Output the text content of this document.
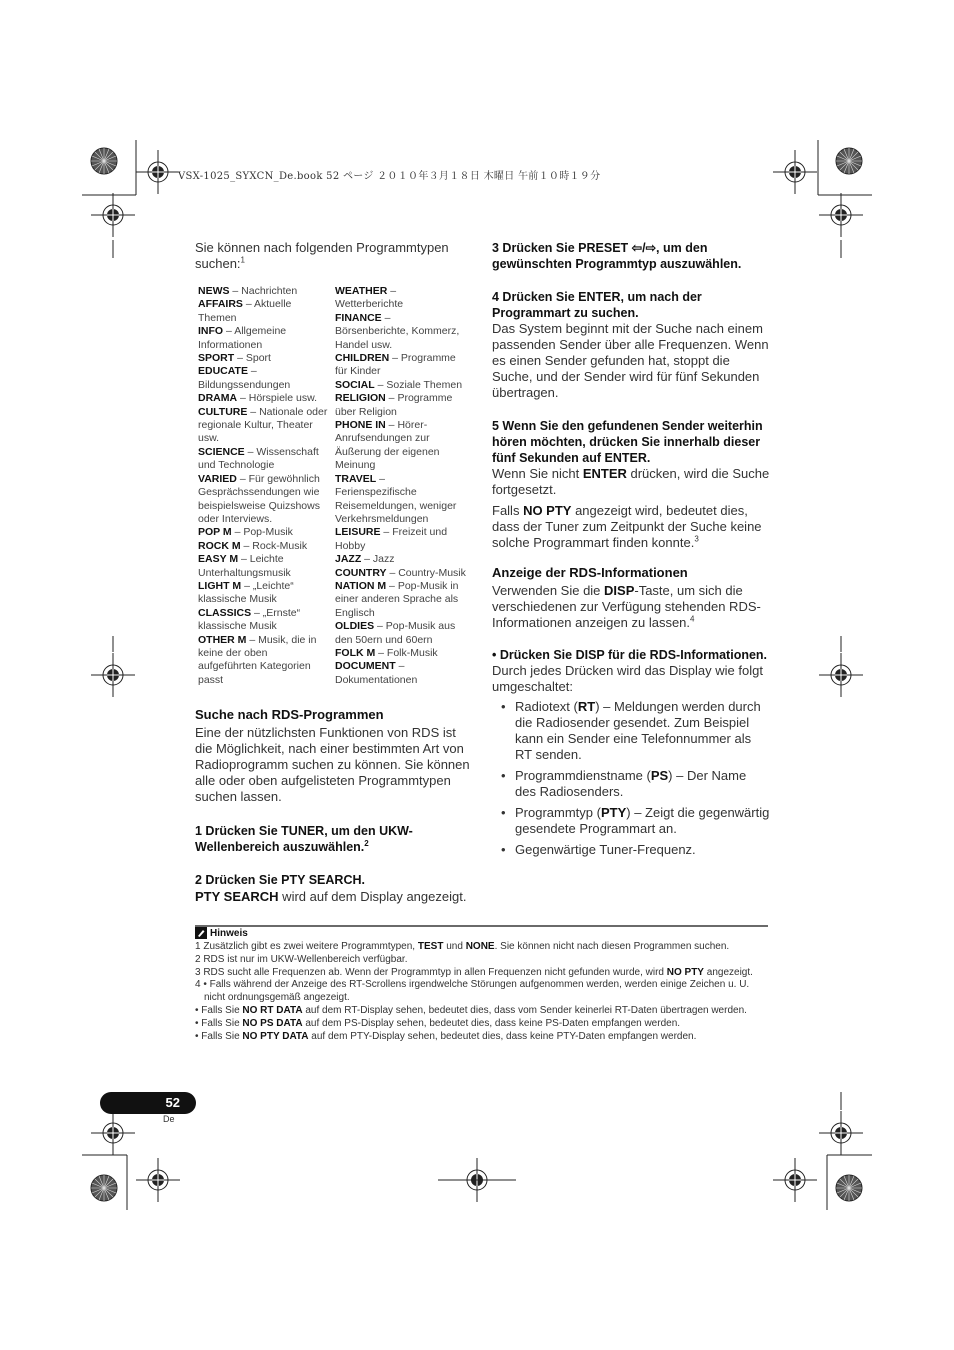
VSX-1025_SYXCN_De.book 52 ページ ２０１０年３月１８日 木曜日 午前１０時１９分

Sie können nach folgenden Programmtypen suchen:$^1$

NEWS – Nachrichten
AFFAIRS – Aktuelle Themen
INFO – Allgemeine Informationen
SPORT – Sport
EDUCATE – Bildungssendungen
DRAMA – Hörspiele usw.
CULTURE – Nationale oder regionale Kultur, Theater usw.
SCIENCE – Wissenschaft und Technologie
VARIED – Für gewöhnlich Gesprächssendungen wie beispielsweise Quizshows oder Interviews.
POP M – Pop-Musik
ROCK M – Rock-Musik
EASY M – Leichte Unterhaltungsmusik
LIGHT M – „Leichte“ klassische Musik
CLASSICS – „Ernste“ klassische Musik
OTHER M – Musik, die in keine der oben aufgeführten Kategorien passt
WEATHER – Wetterberichte
FINANCE – Börsenberichte, Kommerz, Handel usw.
CHILDREN – Programme für Kinder
SOCIAL – Soziale Themen
RELIGION – Programme über Religion
PHONE IN – Hörer-Anrufsendungen zur Äußerung der eigenen Meinung
TRAVEL – Ferienspezifische Reisemeldungen, weniger Verkehrsmeldungen
LEISURE – Freizeit und Hobby
JAZZ – Jazz
COUNTRY – Country-Musik
NATION M – Pop-Musik in einer anderen Sprache als Englisch
OLDIES – Pop-Musik aus den 50ern und 60ern
FOLK M – Folk-Musik
DOCUMENT – Dokumentationen

Suche nach RDS-Programmen

Eine der nützlichsten Funktionen von RDS ist die Möglichkeit, nach einer bestimmten Art von Radioprogramm suchen zu können. Sie können alle oder oben aufgelisteten Programmtypen suchen lassen.

1 Drücken Sie TUNER, um den UKW-Wellenbereich auszuwählen.$^2$

2 Drücken Sie PTY SEARCH.

PTY SEARCH wird auf dem Display angezeigt.

3 Drücken Sie PRESET ⇦/⇨, um den gewünschten Programmtyp auszuwählen.

4 Drücken Sie ENTER, um nach der Programmart zu suchen.

Das System beginnt mit der Suche nach einem passenden Sender über alle Frequenzen. Wenn es einen Sender gefunden hat, stoppt die Suche, und der Sender wird für fünf Sekunden übertragen.

5 Wenn Sie den gefundenen Sender weiterhin hören möchten, drücken Sie innerhalb dieser fünf Sekunden auf ENTER.

Wenn Sie nicht ENTER drücken, wird die Suche fortgesetzt.

Falls NO PTY angezeigt wird, bedeutet dies, dass der Tuner zum Zeitpunkt der Suche keine solche Programmart finden konnte.$^3$

Anzeige der RDS-Informationen

Verwenden Sie die DISP-Taste, um sich die verschiedenen zur Verfügung stehenden RDS-Informationen anzeigen zu lassen.$^4$

• Drücken Sie DISP für die RDS-Informationen.

Durch jedes Drücken wird das Display wie folgt umgeschaltet:

• Radiotext (RT) – Meldungen werden durch die Radiosender gesendet. Zum Beispiel kann ein Sender eine Telefonnummer als RT senden.
• Programmdienstname (PS) – Der Name des Radiosenders.
• Programmtyp (PTY) – Zeigt die gegenwärtig gesendete Programmart an.
• Gegenwärtige Tuner-Frequenz.
Hinweis

1 Zusätzlich gibt es zwei weitere Programmtypen, TEST und NONE. Sie können nicht nach diesen Programmen suchen.

2 RDS ist nur im UKW-Wellenbereich verfügbar.

3 RDS sucht alle Frequenzen ab. Wenn der Programmtyp in allen Frequenzen nicht gefunden wurde, wird NO PTY angezeigt.

4 • Falls während der Anzeige des RT-Scrollens irgendwelche Störungen aufgenommen werden, werden einige Zeichen u. U. nicht ordnungsgemäß angezeigt.

• Falls Sie NO RT DATA auf dem RT-Display sehen, bedeutet dies, dass vom Sender keinerlei RT-Daten übertragen werden.

• Falls Sie NO PS DATA auf dem PS-Display sehen, bedeutet dies, dass keine PS-Daten empfangen werden.

• Falls Sie NO PTY DATA auf dem PTY-Display sehen, bedeutet dies, dass keine PTY-Daten empfangen werden.

52
De
